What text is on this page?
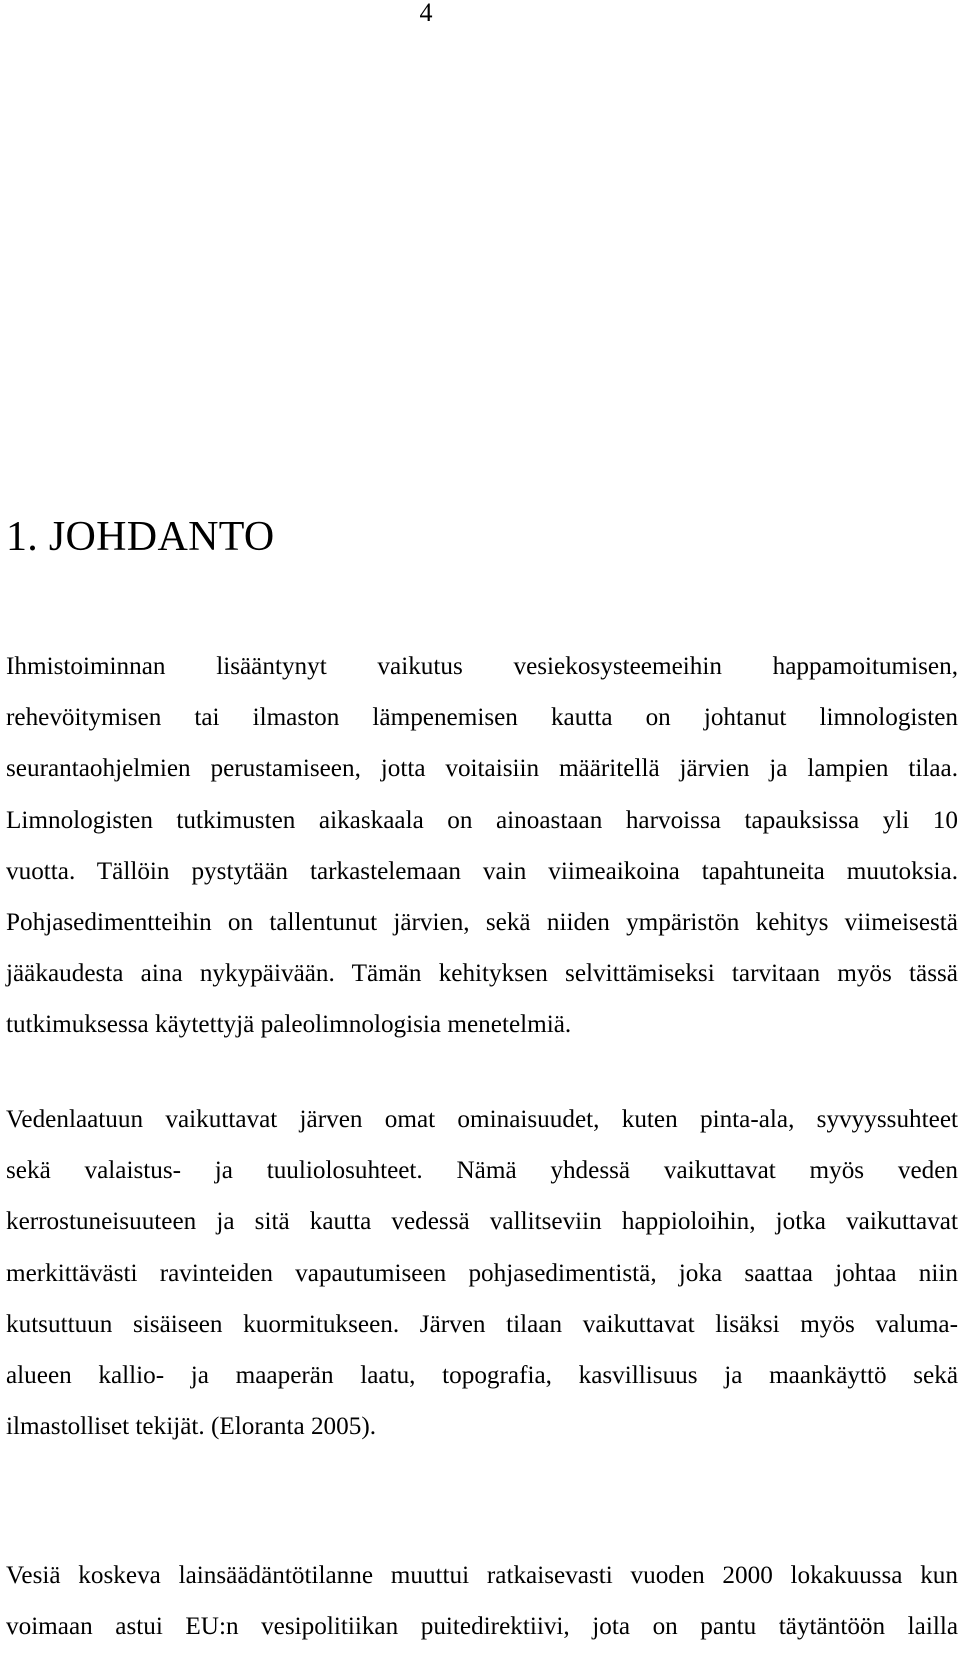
4
1. JOHDANTO
Ihmistoiminnan lisääntynyt vaikutus vesiekosysteemeihin happamoitumisen,
rehevöitymisen tai ilmaston lämpenemisen kautta on johtanut limnologisten
seurantaohjelmien perustamiseen, jotta voitaisiin määritellä järvien ja lampien tilaa.
Limnologisten tutkimusten aikaskaala on ainoastaan harvoissa tapauksissa yli 10
vuotta. Tällöin pystytään tarkastelemaan vain viimeaikoina tapahtuneita muutoksia.
Pohjasedimentteihin on tallentunut järvien, sekä niiden ympäristön kehitys viimeisestä
jääkaudesta aina nykypäivään. Tämän kehityksen selvittämiseksi tarvitaan myös tässä
tutkimuksessa käytettyjä paleolimnologisia menetelmiä.
Vedenlaatuun vaikuttavat järven omat ominaisuudet, kuten pinta-ala, syvyyssuhteet
sekä valaistus- ja tuuliolosuhteet. Nämä yhdessä vaikuttavat myös veden
kerrostuneisuuteen ja sitä kautta vedessä vallitseviin happioloihin, jotka vaikuttavat
merkittävästi ravinteiden vapautumiseen pohjasedimentistä, joka saattaa johtaa niin
kutsuttuun sisäiseen kuormitukseen. Järven tilaan vaikuttavat lisäksi myös valuma-
alueen kallio- ja maaperän laatu, topografia, kasvillisuus ja maankäyttö sekä
ilmastolliset tekijät. (Eloranta 2005).
Vesiä koskeva lainsäädäntötilanne muuttui ratkaisevasti vuoden 2000 lokakuussa kun
voimaan astui EU:n vesipolitiikan puitedirektiivi, jota on pantu täytäntöön lailla
